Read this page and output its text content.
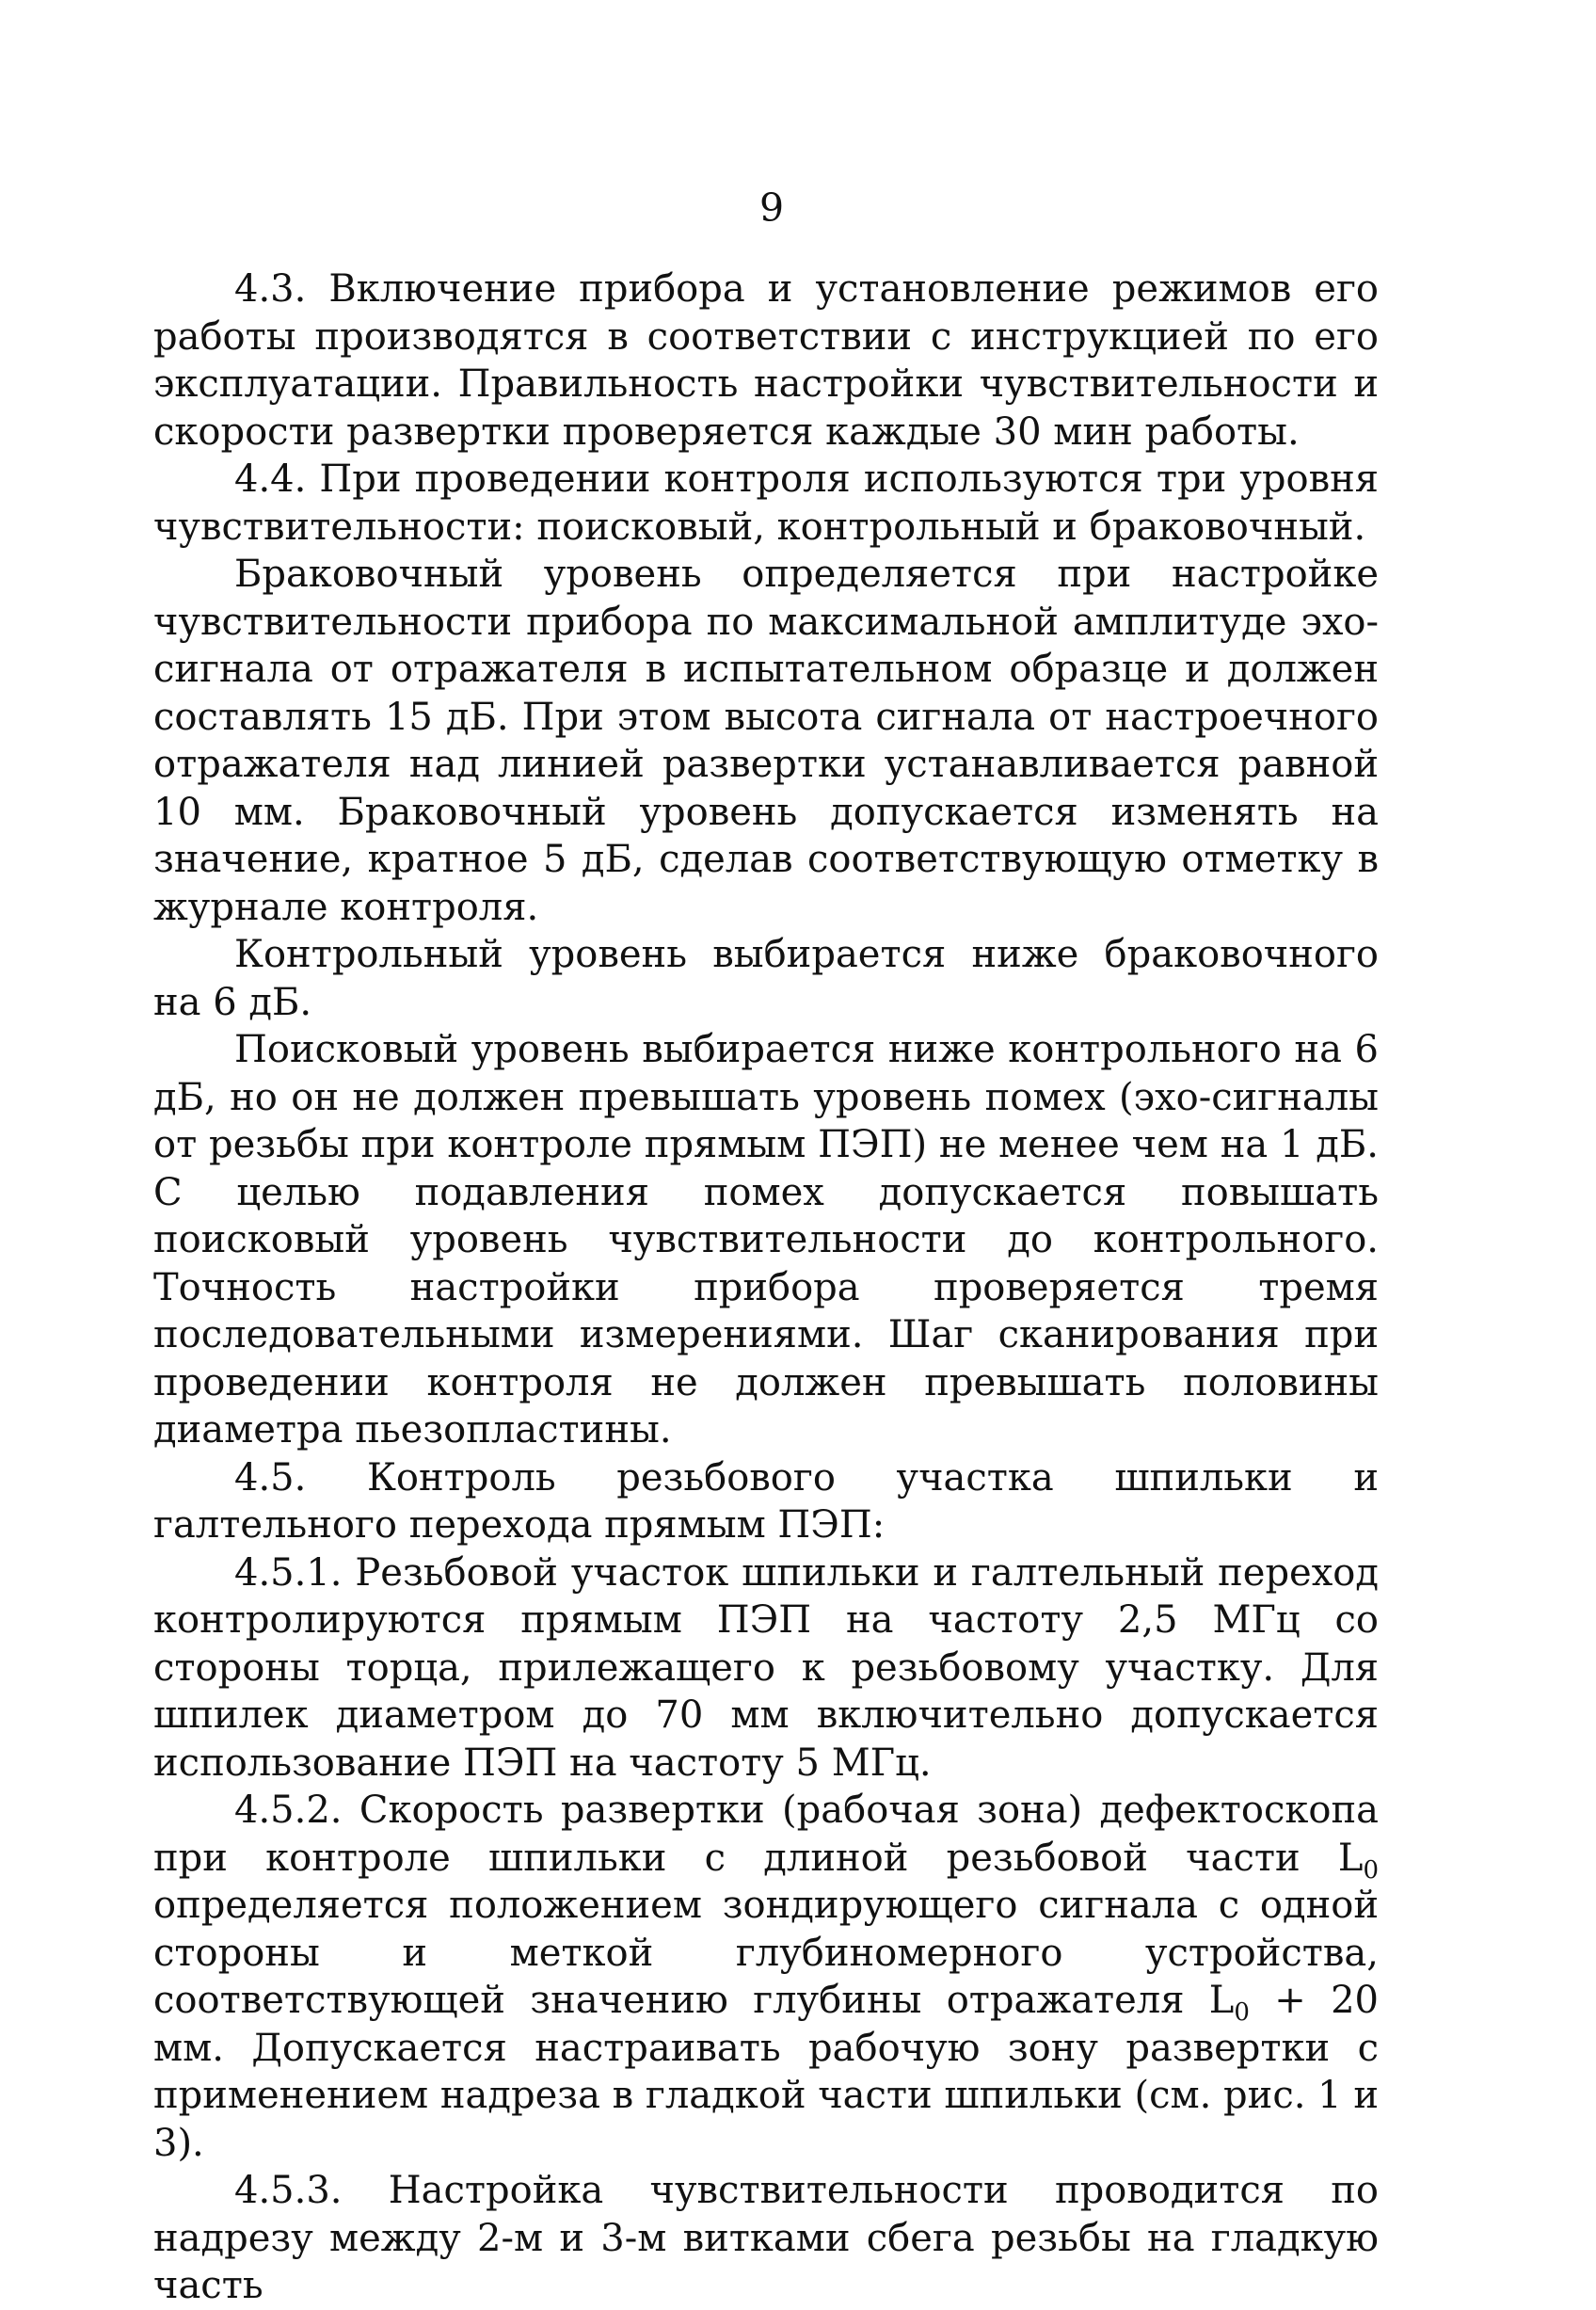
9

4.3. Включение прибора и установление режимов его работы производятся в соответствии с инструкцией по его эксплуатации. Правильность настройки чувствительности и скорости развертки проверяется каждые 30 мин работы.

4.4. При проведении контроля используются три уровня чувствительности: поисковый, контрольный и браковочный.

Браковочный уровень определяется при настройке чувствительности прибора по максимальной амплитуде эхо-сигнала от отражателя в испытательном образце и должен составлять 15 дБ. При этом высота сигнала от настроечного отражателя над линией развертки устанавливается равной 10 мм. Браковочный уровень допускается изменять на значение, кратное 5 дБ, сделав соответствующую отметку в журнале контроля.

Контрольный уровень выбирается ниже браковочного на 6 дБ.

Поисковый уровень выбирается ниже контрольного на 6 дБ, но он не должен превышать уровень помех (эхо-сигналы от резьбы при контроле прямым ПЭП) не менее чем на 1 дБ. С целью подавления помех допускается повышать поисковый уровень чувствительности до контрольного. Точность настройки прибора проверяется тремя последовательными измерениями. Шаг сканирования при проведении контроля не должен превышать половины диаметра пьезопластины.

4.5. Контроль резьбового участка шпильки и галтельного перехода прямым ПЭП:

4.5.1. Резьбовой участок шпильки и галтельный переход контролируются прямым ПЭП на частоту 2,5 МГц со стороны торца, прилежащего к резьбовому участку. Для шпилек диаметром до 70 мм включительно допускается использование ПЭП на частоту 5 МГц.

4.5.2. Скорость развертки (рабочая зона) дефектоскопа при контроле шпильки с длиной резьбовой части $L_0$ определяется положением зондирующего сигнала с одной стороны и меткой глубиномерного устройства, соответствующей значению глубины отражателя $L_0 + 20$ мм. Допускается настраивать рабочую зону развертки с применением надреза в гладкой части шпильки (см. рис. 1 и 3).

4.5.3. Настройка чувствительности проводится по надрезу между 2-м и 3-м витками сбега резьбы на гладкую часть
